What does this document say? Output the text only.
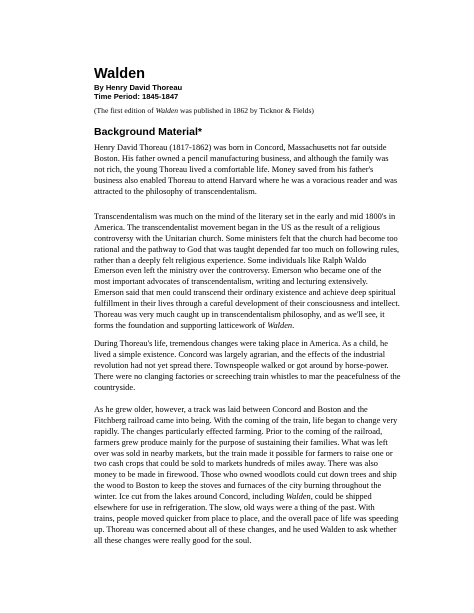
Walden

By Henry David Thoreau

Time Period: 1845-1847

(The first edition of Walden was published in 1862 by Ticknor & Fields)

Background Material*
Henry David Thoreau (1817-1862) was born in Concord, Massachusetts not far outside
Boston. His father owned a pencil manufacturing business, and although the family was
not rich, the young Thoreau lived a comfortable life. Money saved from his father's
business also enabled Thoreau to attend Harvard where he was a voracious reader and was
attracted to the philosophy of transcendentalism.
Transcendentalism was much on the mind of the literary set in the early and mid 1800's in
America. The transcendentalist movement began in the US as the result of a religious
controversy with the Unitarian church. Some ministers felt that the church had become too
rational and the pathway to God that was taught depended far too much on following rules,
rather than a deeply felt religious experience. Some individuals like Ralph Waldo
Emerson even left the ministry over the controversy. Emerson who became one of the
most important advocates of transcendentalism, writing and lecturing extensively.
Emerson said that men could transcend their ordinary existence and achieve deep spiritual
fulfillment in their lives through a careful development of their consciousness and intellect.
Thoreau was very much caught up in transcendentalism philosophy, and as we'll see, it
forms the foundation and supporting latticework of Walden.
During Thoreau's life, tremendous changes were taking place in America. As a child, he
lived a simple existence. Concord was largely agrarian, and the effects of the industrial
revolution had not yet spread there. Townspeople walked or got around by horse-power.
There were no clanging factories or screeching train whistles to mar the peacefulness of the
countryside.
As he grew older, however, a track was laid between Concord and Boston and the
Fitchberg railroad came into being. With the coming of the train, life began to change very
rapidly. The changes particularly effected farming. Prior to the coming of the railroad,
farmers grew produce mainly for the purpose of sustaining their families. What was left
over was sold in nearby markets, but the train made it possible for farmers to raise one or
two cash crops that could be sold to markets hundreds of miles away. There was also
money to be made in firewood. Those who owned woodlots could cut down trees and ship
the wood to Boston to keep the stoves and furnaces of the city burning throughout the
winter. Ice cut from the lakes around Concord, including Walden, could be shipped
elsewhere for use in refrigeration. The slow, old ways were a thing of the past. With
trains, people moved quicker from place to place, and the overall pace of life was speeding
up. Thoreau was concerned about all of these changes, and he used Walden to ask whether
all these changes were really good for the soul.
